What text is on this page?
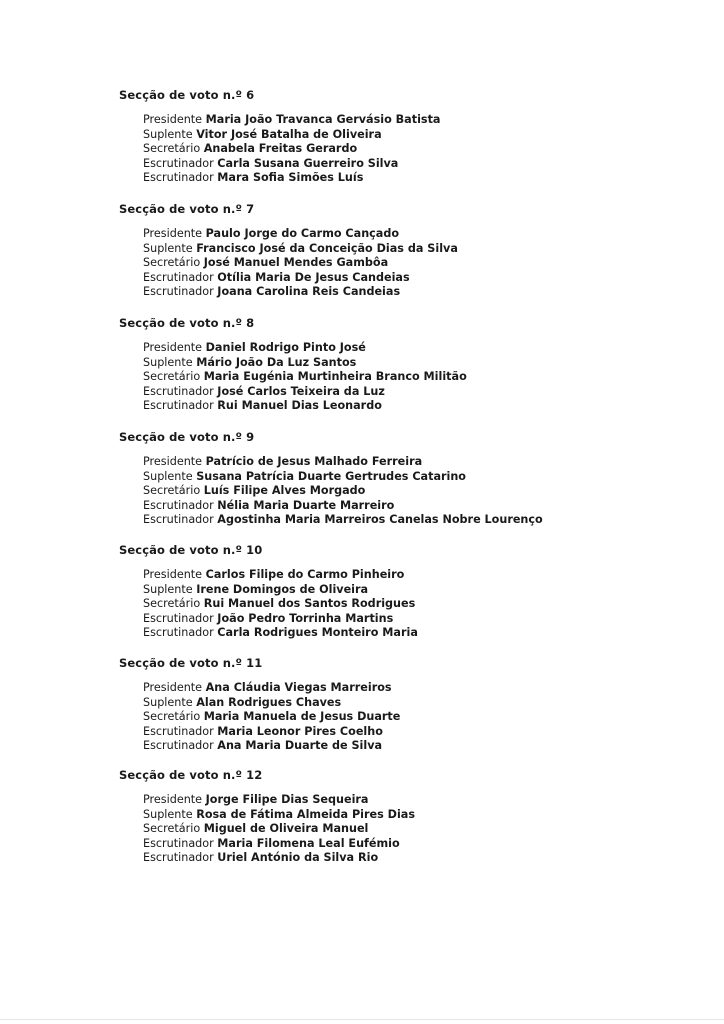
Secção de voto n.º 6
Presidente Maria João Travanca Gervásio Batista
Suplente Vitor José Batalha de Oliveira
Secretário Anabela Freitas Gerardo
Escrutinador Carla Susana Guerreiro Silva
Escrutinador Mara Sofia Simões Luís
Secção de voto n.º 7
Presidente Paulo Jorge do Carmo Cançado
Suplente Francisco José da Conceição Dias da Silva
Secretário José Manuel Mendes Gambôa
Escrutinador Otília Maria De Jesus Candeias
Escrutinador Joana Carolina Reis Candeias
Secção de voto n.º 8
Presidente Daniel Rodrigo Pinto José
Suplente Mário João Da Luz Santos
Secretário Maria Eugénia Murtinheira Branco Militão
Escrutinador José Carlos Teixeira da Luz
Escrutinador Rui Manuel Dias Leonardo
Secção de voto n.º 9
Presidente Patrício de Jesus Malhado Ferreira
Suplente Susana Patrícia Duarte Gertrudes Catarino
Secretário Luís Filipe Alves Morgado
Escrutinador Nélia Maria Duarte Marreiro
Escrutinador Agostinha Maria Marreiros Canelas Nobre Lourenço
Secção de voto n.º 10
Presidente Carlos Filipe do Carmo Pinheiro
Suplente Irene Domingos de Oliveira
Secretário Rui Manuel dos Santos Rodrigues
Escrutinador João Pedro Torrinha Martins
Escrutinador Carla Rodrigues Monteiro Maria
Secção de voto n.º 11
Presidente Ana Cláudia Viegas Marreiros
Suplente Alan Rodrigues Chaves
Secretário Maria Manuela de Jesus Duarte
Escrutinador Maria Leonor Pires Coelho
Escrutinador Ana Maria Duarte de Silva
Secção de voto n.º 12
Presidente Jorge Filipe Dias Sequeira
Suplente Rosa de Fátima Almeida Pires Dias
Secretário Miguel de Oliveira Manuel
Escrutinador Maria Filomena Leal Eufémio
Escrutinador Uriel António da Silva Rio
